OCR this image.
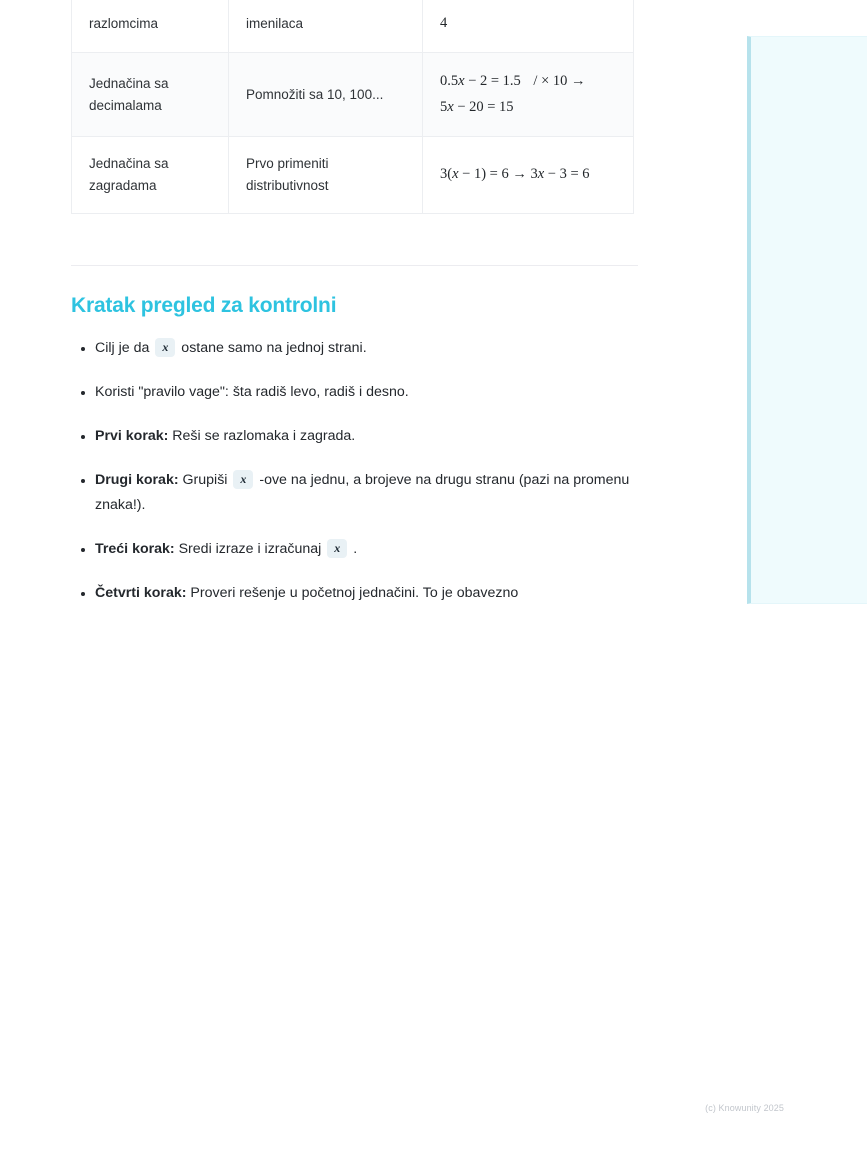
razlomcima	imenilaca	4

Jednačina sa decimalama	Pomnožiti sa 10, 100...	0.5x − 2 = 1.5 / × 10 →
5x − 20 = 15

Jednačina sa zagradama	Prvo primeniti distributivnost	3(x − 1) = 6 → 3x − 3 = 6
Kratak pregled za kontrolni
Cilj je da x ostane samo na jednoj strani.
Koristi "pravilo vage": šta radiš levo, radiš i desno.
Prvi korak: Reši se razlomaka i zagrada.
Drugi korak: Grupiši x -ove na jednu, a brojeve na drugu stranu (pazi na promenu znaka!).
Treći korak: Sredi izraze i izračunaj x .
Četvrti korak: Proveri rešenje u početnoj jednačini. To je obavezno
(c) Knowunity 2025
